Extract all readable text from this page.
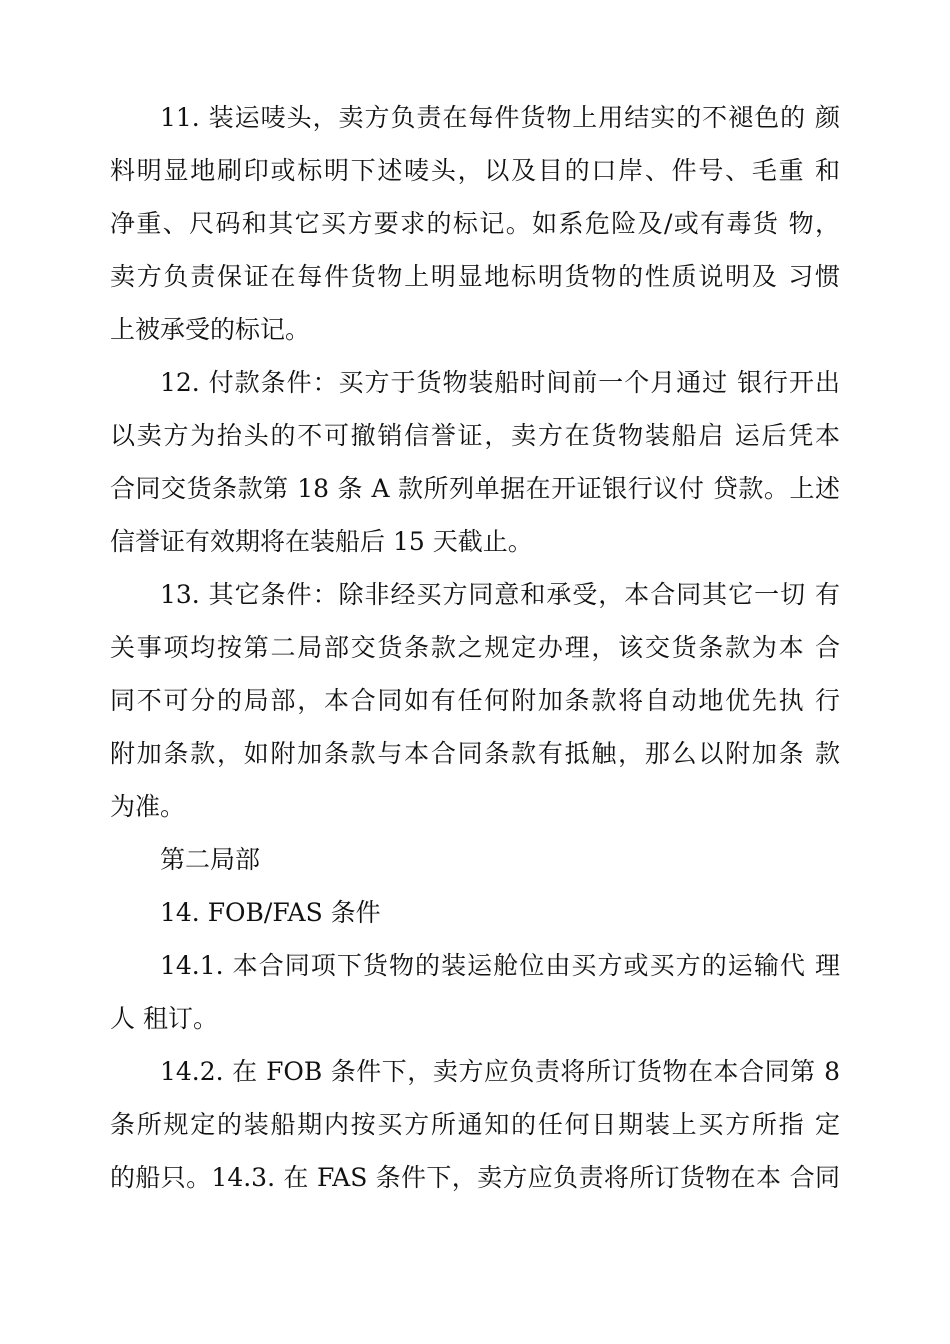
11. 装运唛头，卖方负责在每件货物上用结实的不褪色的 颜
料明显地刷印或标明下述唛头，以及目的口岸、件号、毛重 和
净重、尺码和其它买方要求的标记。如系危险及/或有毒货 物，
卖方负责保证在每件货物上明显地标明货物的性质说明及 习惯
上被承受的标记。
12. 付款条件：买方于货物装船时间前一个月通过 银行开出
以卖方为抬头的不可撤销信誉证，卖方在货物装船启 运后凭本
合同交货条款第 18 条 A 款所列单据在开证银行议付 贷款。上述
信誉证有效期将在装船后 15 天截止。
13. 其它条件：除非经买方同意和承受，本合同其它一切 有
关事项均按第二局部交货条款之规定办理，该交货条款为本 合
同不可分的局部，本合同如有任何附加条款将自动地优先执 行
附加条款，如附加条款与本合同条款有抵触，那么以附加条 款
为准。
第二局部
14. FOB/FAS 条件
14.1. 本合同项下货物的装运舱位由买方或买方的运输代 理
人 租订。
14.2. 在 FOB 条件下，卖方应负责将所订货物在本合同第 8
条所规定的装船期内按买方所通知的任何日期装上买方所指 定
的船只。14.3. 在 FAS 条件下，卖方应负责将所订货物在本 合同
